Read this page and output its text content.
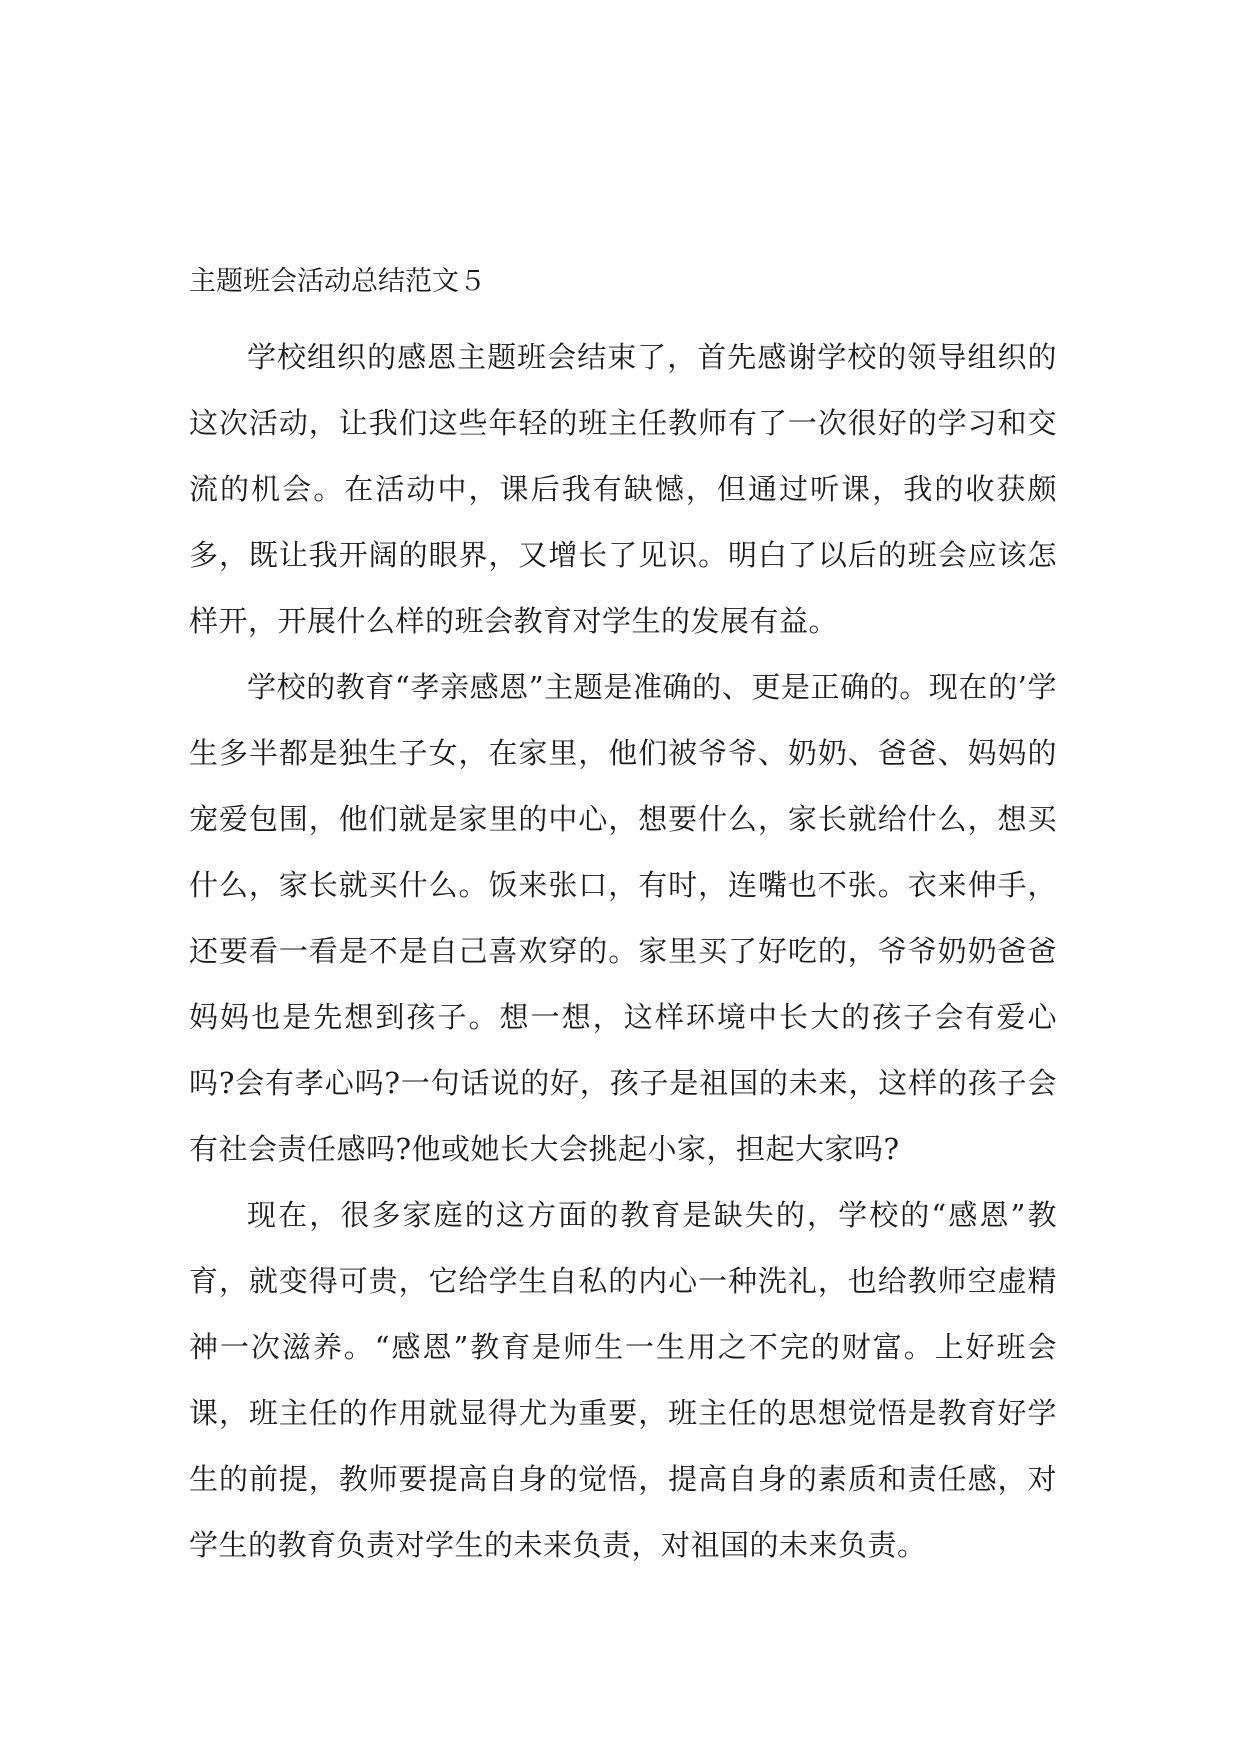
主题班会活动总结范文５

学校组织的感恩主题班会结束了，首先感谢学校的领导组织的这次活动，让我们这些年轻的班主任教师有了一次很好的学习和交流的机会。在活动中，课后我有缺憾，但通过听课，我的收获颇多，既让我开阔的眼界，又增长了见识。明白了以后的班会应该怎样开，开展什么样的班会教育对学生的发展有益。

学校的教育“孝亲感恩”主题是准确的、更是正确的。现在的’学生多半都是独生子女，在家里，他们被爷爷、奶奶、爸爸、妈妈的宠爱包围，他们就是家里的中心，想要什么，家长就给什么，想买什么，家长就买什么。饭来张口，有时，连嘴也不张。衣来伸手，还要看一看是不是自己喜欢穿的。家里买了好吃的，爷爷奶奶爸爸妈妈也是先想到孩子。想一想，这样环境中长大的孩子会有爱心吗?会有孝心吗?一句话说的好，孩子是祖国的未来，这样的孩子会有社会责任感吗?他或她长大会挑起小家，担起大家吗?

现在，很多家庭的这方面的教育是缺失的，学校的“感恩”教育，就变得可贵，它给学生自私的内心一种洗礼，也给教师空虚精神一次滋养。“感恩”教育是师生一生用之不完的财富。上好班会课，班主任的作用就显得尤为重要，班主任的思想觉悟是教育好学生的前提，教师要提高自身的觉悟，提高自身的素质和责任感，对学生的教育负责对学生的未来负责，对祖国的未来负责。
